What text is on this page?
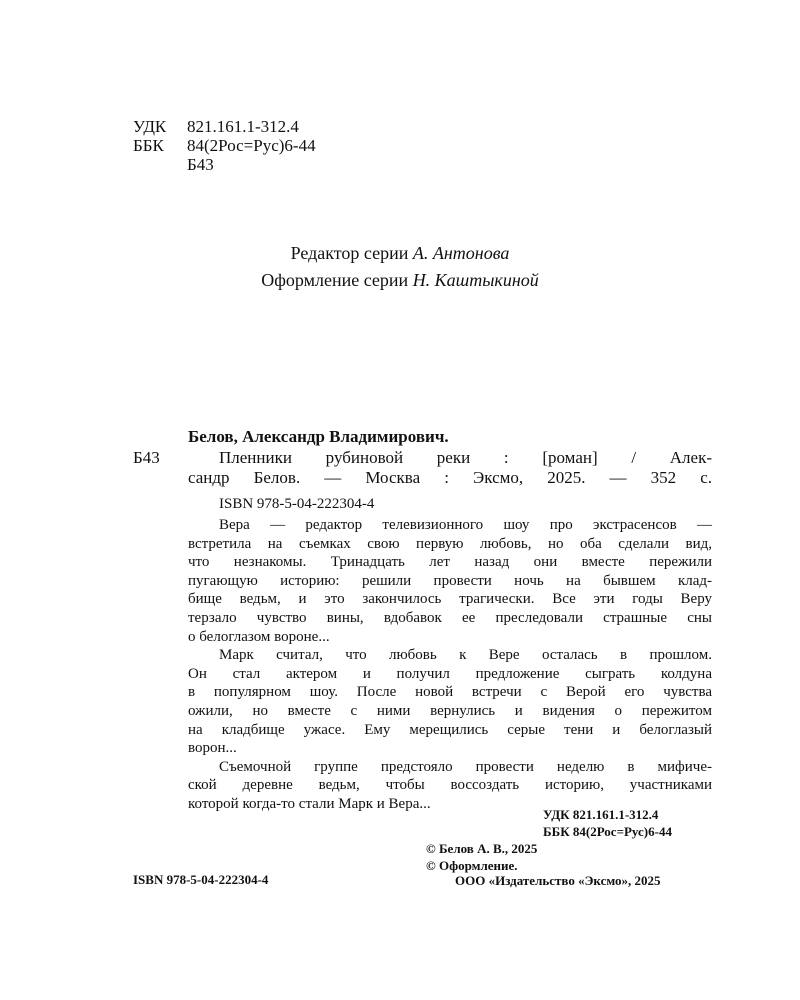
УДК 821.161.1-312.4
ББК 84(2Рос=Рус)6-44
Б43
Редактор серии А. Антонова
Оформление серии Н. Каштыкиной
Белов, Александр Владимирович.
Б43	Пленники рубиновой реки : [роман] / Алек-
сандр Белов. — Москва : Эксмо, 2025. — 352 с.
ISBN 978-5-04-222304-4
Вера — редактор телевизионного шоу про экстрасенсов —
встретила на съемках свою первую любовь, но оба сделали вид,
что незнакомы. Тринадцать лет назад они вместе пережили
пугающую историю: решили провести ночь на бывшем клад-
бище ведьм, и это закончилось трагически. Все эти годы Веру
терзало чувство вины, вдобавок ее преследовали страшные сны
о белоглазом вороне...
Марк считал, что любовь к Вере осталась в прошлом.
Он стал актером и получил предложение сыграть колдуна
в популярном шоу. После новой встречи с Верой его чувства
ожили, но вместе с ними вернулись и видения о пережитом
на кладбище ужасе. Ему мерещились серые тени и белоглазый
ворон...
Съемочной группе предстояло провести неделю в мифиче-
ской деревне ведьм, чтобы воссоздать историю, участниками
которой когда-то стали Марк и Вера...
УДК 821.161.1-312.4
ББК 84(2Рос=Рус)6-44
© Белов А. В., 2025
© Оформление.
ООО «Издательство «Эксмо», 2025
ISBN 978-5-04-222304-4
